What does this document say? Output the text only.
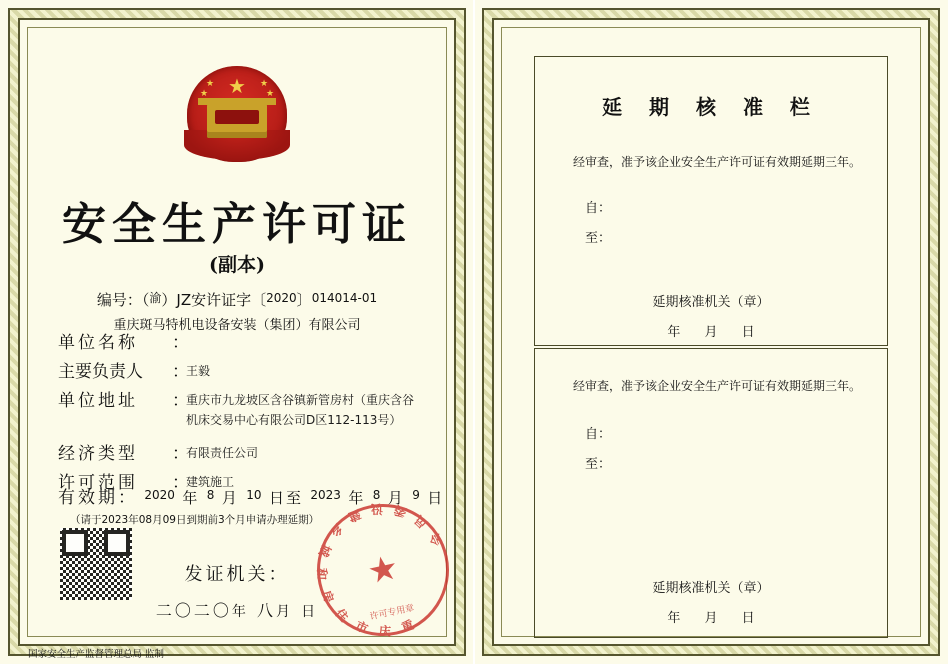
★
★
★
★
★
安全生产许可证
(副本)
编号：（$^渝$）JZ安许证字〔$^{2020}$〕$^{014014-01}$
重庆斑马特机电设备安装（集团）有限公司
单位名称	：
主要负责人	：
王毅
单位地址	：
重庆市九龙坡区含谷镇新管房村（重庆含谷
机床交易中心有限公司D区112-113号）
经济类型	：
有限责任公司
许可范围	：
建筑施工
有效期： $^{2020}$ 年 $^8$ 月 $^{10}$ 日至 $^{2023}$ 年 $^8$ 月 $^9$ 日
（请于2023年08月09日到期前3个月申请办理延期）
发证机关：
二〇二〇年 八月 日
重
庆
市
住
房
和
城
乡
建 设 委
员
会
★
许可专用章
国家安全生产监督管理总局 监制
延 期 核 准 栏
经审查，准予该企业安全生产许可证有效期延期三年。
自：
至：
延期核准机关（章）
年 月 日
经审查，准予该企业安全生产许可证有效期延期三年。
自：
至：
延期核准机关（章）
年 月 日
